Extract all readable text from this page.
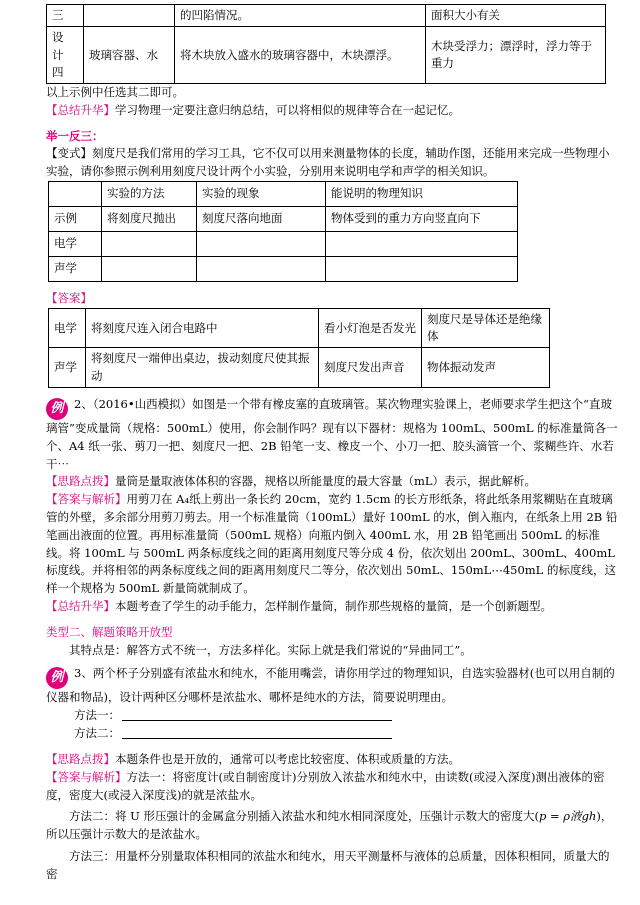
三		的凹陷情况。	面积大小有关
设 计 四	玻璃容器、水	将木块放入盛水的玻璃容器中，木块漂浮。	木块受浮力；漂浮时，浮力等于重力

以上示例中任选其二即可。

【总结升华】学习物理一定要注意归纳总结，可以将相似的规律等合在一起记忆。

举一反三：

【变式】刻度尺是我们常用的学习工具，它不仅可以用来测量物体的长度，辅助作图，还能用来完成一些物理小实验，请你参照示例利用刻度尺设计两个小实验，分别用来说明电学和声学的相关知识。

	实验的方法	实验的现象	能说明的物理知识
示例	将刻度尺抛出	刻度尺落向地面	物体受到的重力方向竖直向下
电学			
声学			

【答案】

电学	将刻度尺连入闭合电路中	看小灯泡是否发光	刻度尺是导体还是绝缘体
声学	将刻度尺一端伸出桌边，拔动刻度尺使其振动	刻度尺发出声音	物体振动发声

例 2、（2016•山西模拟）如图是一个带有橡皮塞的直玻璃管。某次物理实验课上，老师要求学生把这个“直玻璃管”变成量筒（规格：500mL）使用，你会制作吗？现有以下器材：规格为 100mL、500mL 的标准量筒各一个、A4 纸一张、剪刀一把、刻度尺一把、2B 铅笔一支、橡皮一个、小刀一把、胶头滴管一个、浆糊些许、水若干⋯

【思路点拨】量筒是量取液体体积的容器，规格以所能量度的最大容量（mL）表示，据此解析。

【答案与解析】用剪刀在 A₄纸上剪出一条长约 20cm，宽约 1.5cm 的长方形纸条，将此纸条用浆糊贴在直玻璃管的外壁，多余部分用剪刀剪去。用一个标准量筒（100mL）量好 100mL 的水，倒入瓶内，在纸条上用 2B 铅笔画出液面的位置。再用标准量筒（500mL 规格）向瓶内倒入 400mL 水，用 2B 铅笔画出 500mL 的标准线。将 100mL 与 500mL 两条标度线之间的距离用刻度尺等分成 4 份，依次划出 200mL、300mL、400mL 标度线。并将相邻的两条标度线之间的距离用刻度尺二等分，依次划出 50mL、150mL⋯450mL 的标度线，这样一个规格为 500mL 新量筒就制成了。

【总结升华】本题考查了学生的动手能力，怎样制作量筒，制作那些规格的量筒，是一个创新题型。

类型二、解题策略开放型

其特点是：解答方式不统一，方法多样化。实际上就是我们常说的“异曲同工”。

例 3、两个杯子分别盛有浓盐水和纯水，不能用嘴尝，请你用学过的物理知识，自选实验器材(也可以用自制的仪器和物品)，设计两种区分哪杯是浓盐水、哪杯是纯水的方法，简要说明理由。

方法一：

方法二：

【思路点拨】本题条件也是开放的，通常可以考虑比较密度、体积或质量的方法。

【答案与解析】方法一：将密度计(或自制密度计)分别放入浓盐水和纯水中，由读数(或浸入深度)测出液体的密度，密度大(或浸入深度浅)的就是浓盐水。

方法二：将 U 形压强计的金属盒分别插入浓盐水和纯水相同深度处，压强计示数大的密度大(p = ρ液gh)，所以压强计示数大的是浓盐水。

方法三：用量杯分别量取体积相同的浓盐水和纯水，用天平测量杯与液体的总质量，因体积相同，质量大的密
